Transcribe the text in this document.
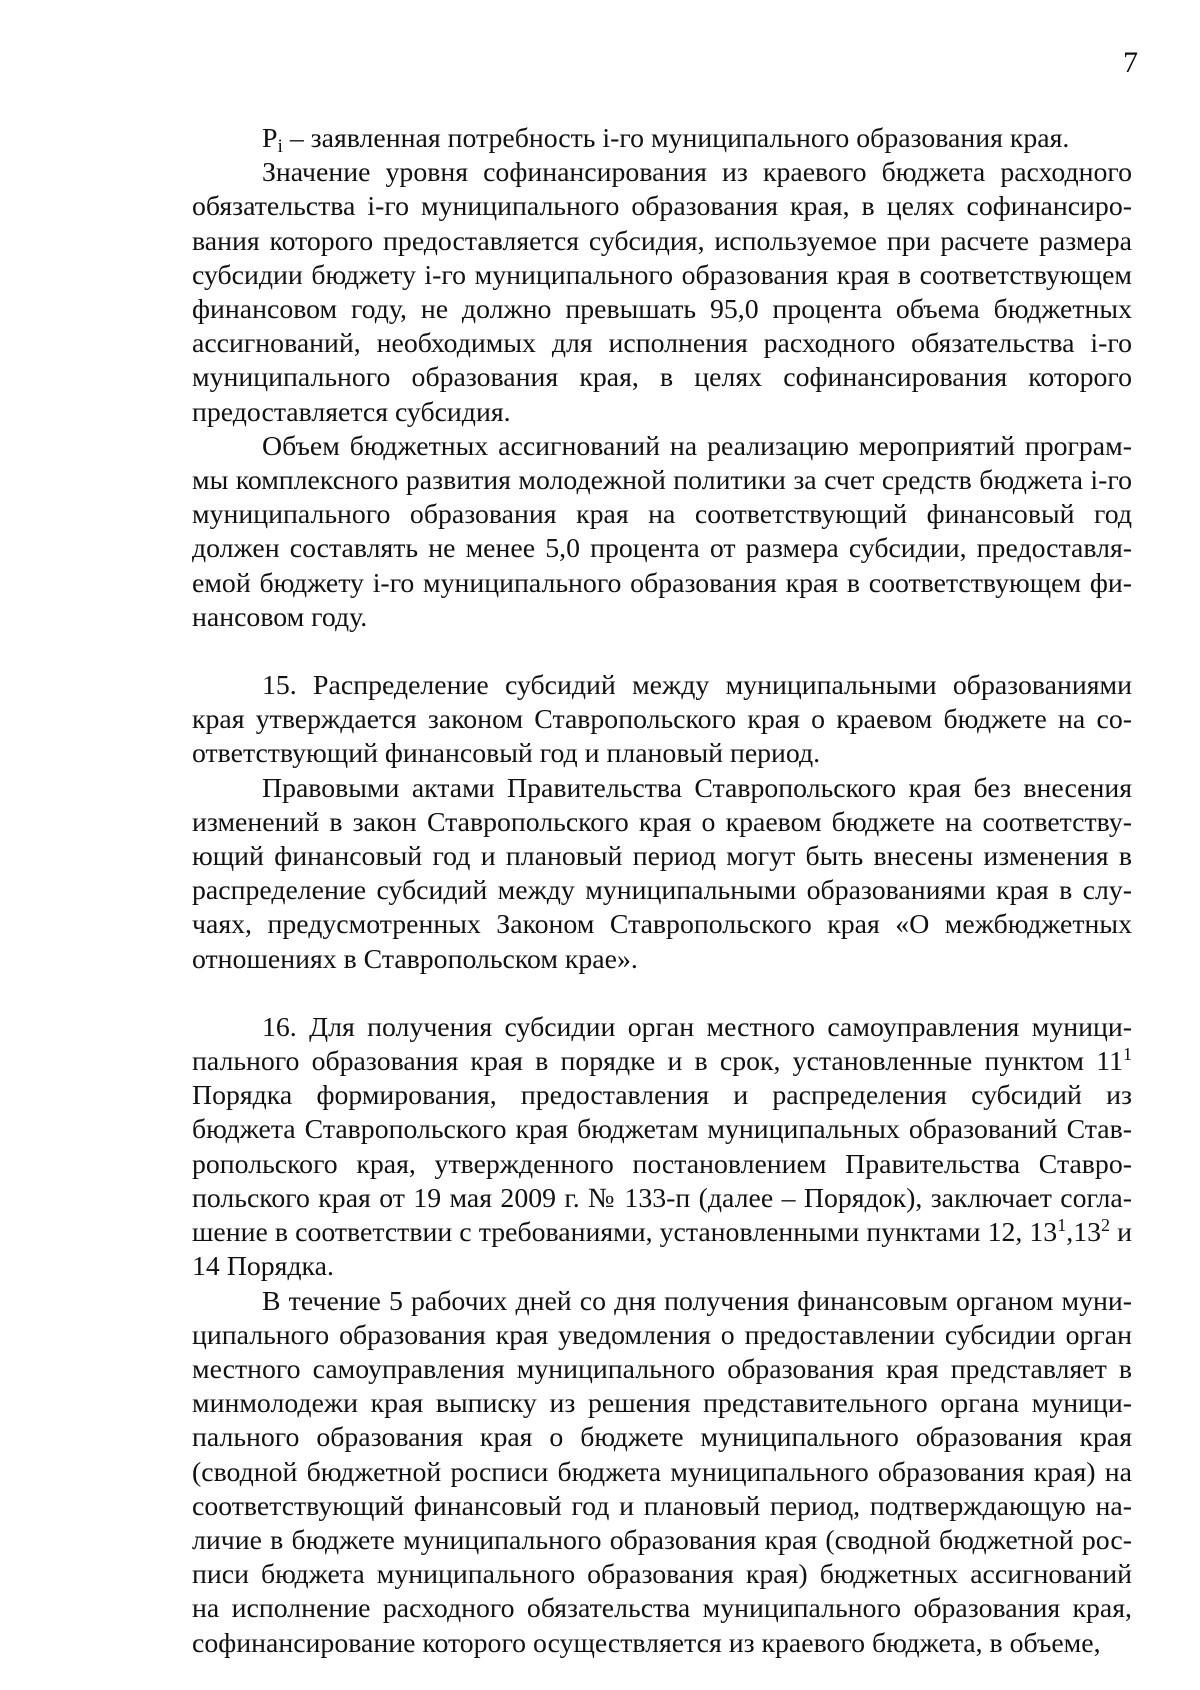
7

$P_i$ – заявленная потребность i-го муниципального образования края.

Значение уровня софинансирования из краевого бюджета расходного обязательства i-го муниципального образования края, в целях софинансирования которого предоставляется субсидия, используемое при расчете размера субсидии бюджету i-го муниципального образования края в соответствующем финансовом году, не должно превышать 95,0 процента объема бюджетных ассигнований, необходимых для исполнения расходного обязательства i-го муниципального образования края, в целях софинансирования которого предоставляется субсидия.

Объем бюджетных ассигнований на реализацию мероприятий программы комплексного развития молодежной политики за счет средств бюджета i-го муниципального образования края на соответствующий финансовый год должен составлять не менее 5,0 процента от размера субсидии, предоставляемой бюджету i-го муниципального образования края в соответствующем финансовом году.

15. Распределение субсидий между муниципальными образованиями края утверждается законом Ставропольского края о краевом бюджете на соответствующий финансовый год и плановый период.

Правовыми актами Правительства Ставропольского края без внесения изменений в закон Ставропольского края о краевом бюджете на соответствующий финансовый год и плановый период могут быть внесены изменения в распределение субсидий между муниципальными образованиями края в случаях, предусмотренных Законом Ставропольского края «О межбюджетных отношениях в Ставропольском крае».

16. Для получения субсидии орган местного самоуправления муниципального образования края в порядке и в срок, установленные пунктом $11^1$ Порядка формирования, предоставления и распределения субсидий из бюджета Ставропольского края бюджетам муниципальных образований Ставропольского края, утвержденного постановлением Правительства Ставропольского края от 19 мая 2009 г. № 133-п (далее – Порядок), заключает соглашение в соответствии с требованиями, установленными пунктами 12, $13^1,13^2$ и 14 Порядка.

В течение 5 рабочих дней со дня получения финансовым органом муниципального образования края уведомления о предоставлении субсидии орган местного самоуправления муниципального образования края представляет в минмолодежи края выписку из решения представительного органа муниципального образования края о бюджете муниципального образования края (сводной бюджетной росписи бюджета муниципального образования края) на соответствующий финансовый год и плановый период, подтверждающую наличие в бюджете муниципального образования края (сводной бюджетной росписи бюджета муниципального образования края) бюджетных ассигнований на исполнение расходного обязательства муниципального образования края, софинансирование которого осуществляется из краевого бюджета, в объеме,
